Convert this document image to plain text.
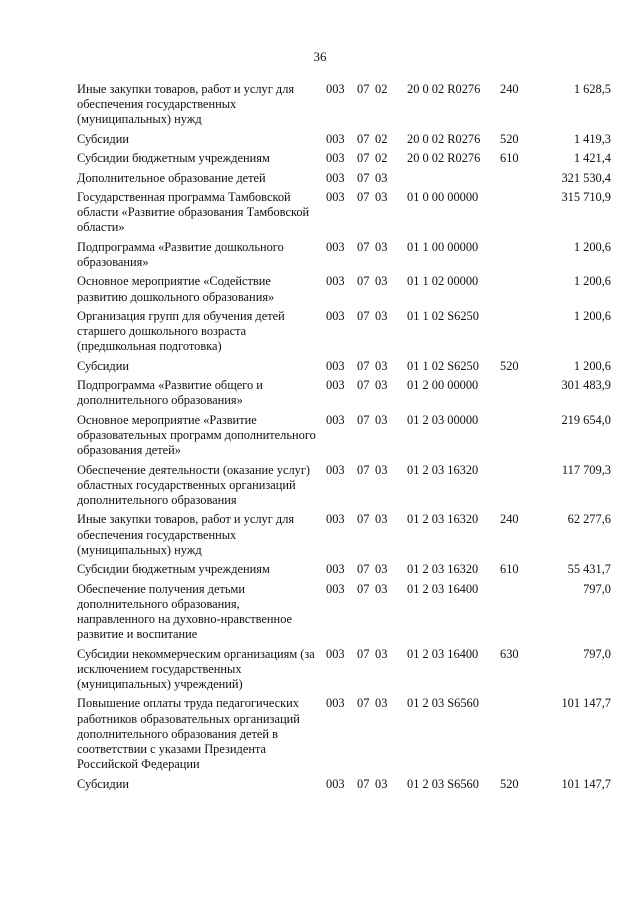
36
Иные закупки товаров, работ и услуг для обеспечения государственных (муниципальных) нужд	003	07	02	20 0 02 R0276	240	1 628,5
Субсидии	003	07	02	20 0 02 R0276	520	1 419,3
Субсидии бюджетным учреждениям	003	07	02	20 0 02 R0276	610	1 421,4
Дополнительное образование детей	003	07	03			321 530,4
Государственная программа Тамбовской области «Развитие образования Тамбовской области»	003	07	03	01 0 00 00000		315 710,9
Подпрограмма «Развитие дошкольного образования»	003	07	03	01 1 00 00000		1 200,6
Основное мероприятие «Содействие развитию дошкольного образования»	003	07	03	01 1 02 00000		1 200,6
Организация групп для обучения детей старшего дошкольного возраста (предшкольная подготовка)	003	07	03	01 1 02 S6250		1 200,6
Субсидии	003	07	03	01 1 02 S6250	520	1 200,6
Подпрограмма «Развитие общего и дополнительного образования»	003	07	03	01 2 00 00000		301 483,9
Основное мероприятие «Развитие образовательных программ дополнительного образования детей»	003	07	03	01 2 03 00000		219 654,0
Обеспечение деятельности (оказание услуг) областных государственных организаций дополнительного образования	003	07	03	01 2 03 16320		117 709,3
Иные закупки товаров, работ и услуг для обеспечения государственных (муниципальных) нужд	003	07	03	01 2 03 16320	240	62 277,6
Субсидии бюджетным учреждениям	003	07	03	01 2 03 16320	610	55 431,7
Обеспечение получения детьми дополнительного образования, направленного на духовно-нравственное развитие и воспитание	003	07	03	01 2 03 16400		797,0
Субсидии некоммерческим организациям (за исключением государственных (муниципальных) учреждений)	003	07	03	01 2 03 16400	630	797,0
Повышение оплаты труда педагогических работников образовательных организаций дополнительного образования детей в соответствии с указами Президента Российской Федерации	003	07	03	01 2 03 S6560		101 147,7
Субсидии	003	07	03	01 2 03 S6560	520	101 147,7
